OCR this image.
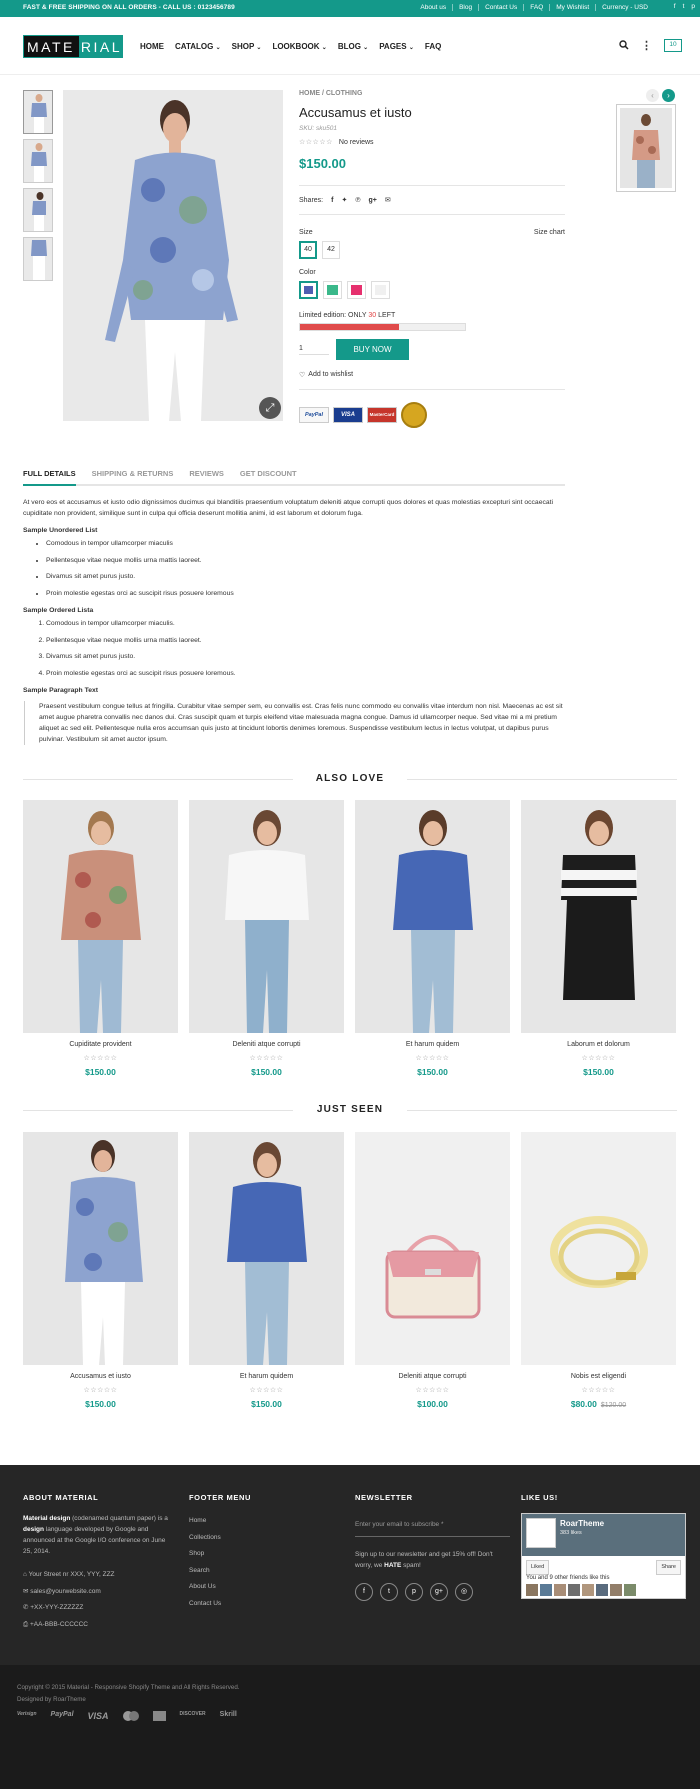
FAST & FREE SHIPPING ON ALL ORDERS - CALL US : 0123456789	About us	Blog	Contact Us	FAQ	My Wishlist	Currency - USD	f t p
MATE RIAL HOME CATALOG ⌄ SHOP ⌄ LOOKBOOK ⌄ BLOG ⌄ PAGES ⌄ FAQ	⋮	10
⤢
HOME / CLOTHING
Accusamus et iusto
SKU: sku501
☆☆☆☆☆ No reviews
$150.00
Shares: f ✦ ℗ g+ ✉
Size	Size chart
40 42
Color
Limited edition: ONLY 30 LEFT
1	BUY NOW
♡ Add to wishlist
PayPal	VISA	MasterCard
‹	›
FULL DETAILS SHIPPING & RETURNS REVIEWS GET DISCOUNT

At vero eos et accusamus et iusto odio dignissimos ducimus qui blanditiis praesentium voluptatum deleniti atque corrupti quos dolores et quas molestias excepturi sint occaecati cupiditate non provident, similique sunt in culpa qui officia deserunt mollitia animi, id est laborum et dolorum fuga.

Sample Unordered List
• Comodous in tempor ullamcorper miaculis
• Pellentesque vitae neque mollis urna mattis laoreet.
• Divamus sit amet purus justo.
• Proin molestie egestas orci ac suscipit risus posuere loremous
Sample Ordered Lista
1. Comodous in tempor ullamcorper miaculis.
2. Pellentesque vitae neque mollis urna mattis laoreet.
3. Divamus sit amet purus justo.
4. Proin molestie egestas orci ac suscipit risus posuere loremous.
Sample Paragraph Text
Praesent vestibulum congue tellus at fringilla. Curabitur vitae semper sem, eu convallis est. Cras felis nunc commodo eu convallis vitae interdum non nisl. Maecenas ac est sit amet augue pharetra convallis nec danos dui. Cras suscipit quam et turpis eleifend vitae malesuada magna congue. Damus id ullamcorper neque. Sed vitae mi a mi pretium aliquet ac sed elit. Pellentesque nulla eros accumsan quis justo at tincidunt lobortis denimes loremous. Suspendisse vestibulum lectus in lectus volutpat, ut dapibus purus pulvinar. Vestibulum sit amet auctor ipsum.
ALSO LOVE
Cupiditate provident
☆☆☆☆☆
$150.00
Deleniti atque corrupti
☆☆☆☆☆
$150.00
Et harum quidem
☆☆☆☆☆
$150.00
Laborum et dolorum
☆☆☆☆☆
$150.00
JUST SEEN
Accusamus et iusto
☆☆☆☆☆
$150.00
Et harum quidem
☆☆☆☆☆
$150.00
Deleniti atque corrupti
☆☆☆☆☆
$100.00
Nobis est eligendi
☆☆☆☆☆
$80.00 $120.00
ABOUT MATERIAL

Material design (codenamed quantum paper) is a design language developed by Google and announced at the Google I/O conference on June 25, 2014.

⌂ Your Street nr XXX, YYY, ZZZ
✉ sales@yourwebsite.com
✆ +XX-YYY-ZZZZZZ
⎙ +AA-BBB-CCCCCC
FOOTER MENU
Home
Collections
Shop
Search
About Us
Contact Us
NEWSLETTER
Enter your email to subscribe *

Sign up to our newsletter and get 15% off! Don't worry, we HATE spam!

f	t	p	g+	◎
LIKE US!
RoarTheme
383 likes
Liked	Share
You and 9 other friends like this
Copyright © 2015 Material - Responsive Shopify Theme and All Rights Reserved.
Designed by RoarTheme
Verisign PayPal VISA	DISCOVER Skrill
